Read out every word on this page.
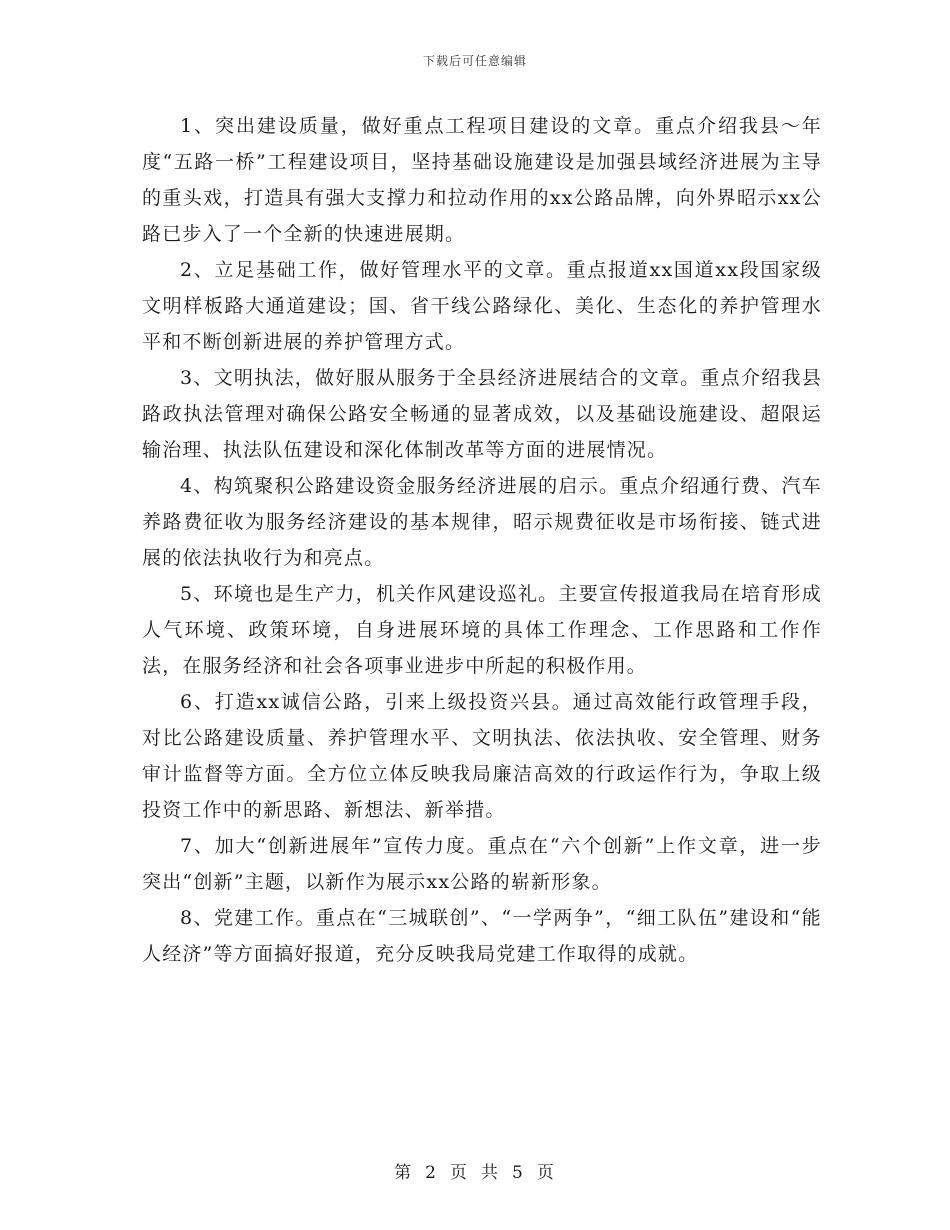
下载后可任意编辑

1、突出建设质量，做好重点工程项目建设的文章。重点介绍我县～年度“五路一桥”工程建设项目，坚持基础设施建设是加强县域经济进展为主导的重头戏，打造具有强大支撑力和拉动作用的xx公路品牌，向外界昭示xx公路已步入了一个全新的快速进展期。

2、立足基础工作，做好管理水平的文章。重点报道xx国道xx段国家级文明样板路大通道建设；国、省干线公路绿化、美化、生态化的养护管理水平和不断创新进展的养护管理方式。

3、文明执法，做好服从服务于全县经济进展结合的文章。重点介绍我县路政执法管理对确保公路安全畅通的显著成效，以及基础设施建设、超限运输治理、执法队伍建设和深化体制改革等方面的进展情况。

4、构筑聚积公路建设资金服务经济进展的启示。重点介绍通行费、汽车养路费征收为服务经济建设的基本规律，昭示规费征收是市场衔接、链式进展的依法执收行为和亮点。

5、环境也是生产力，机关作风建设巡礼。主要宣传报道我局在培育形成人气环境、政策环境，自身进展环境的具体工作理念、工作思路和工作作法，在服务经济和社会各项事业进步中所起的积极作用。

6、打造xx诚信公路，引来上级投资兴县。通过高效能行政管理手段，对比公路建设质量、养护管理水平、文明执法、依法执收、安全管理、财务审计监督等方面。全方位立体反映我局廉洁高效的行政运作行为，争取上级投资工作中的新思路、新想法、新举措。

7、加大“创新进展年”宣传力度。重点在“六个创新”上作文章，进一步突出“创新”主题，以新作为展示xx公路的崭新形象。

8、党建工作。重点在“三城联创”、“一学两争”，“细工队伍”建设和“能人经济”等方面搞好报道，充分反映我局党建工作取得的成就。

第 2 页 共 5 页
